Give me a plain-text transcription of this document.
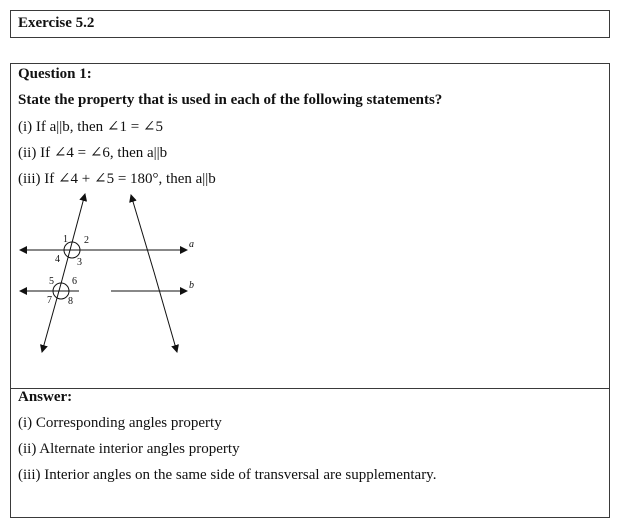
Exercise 5.2
Question 1:
State the property that is used in each of the following statements?
(i) If a||b, then ∠1 = ∠5
(ii) If ∠4 = ∠6, then a||b
(iii) If ∠4 + ∠5 = 180°, then a||b
1 2
3
4
5 6
7 8
a
b
Answer:
(i) Corresponding angles property
(ii) Alternate interior angles property
(iii) Interior angles on the same side of transversal are supplementary.
